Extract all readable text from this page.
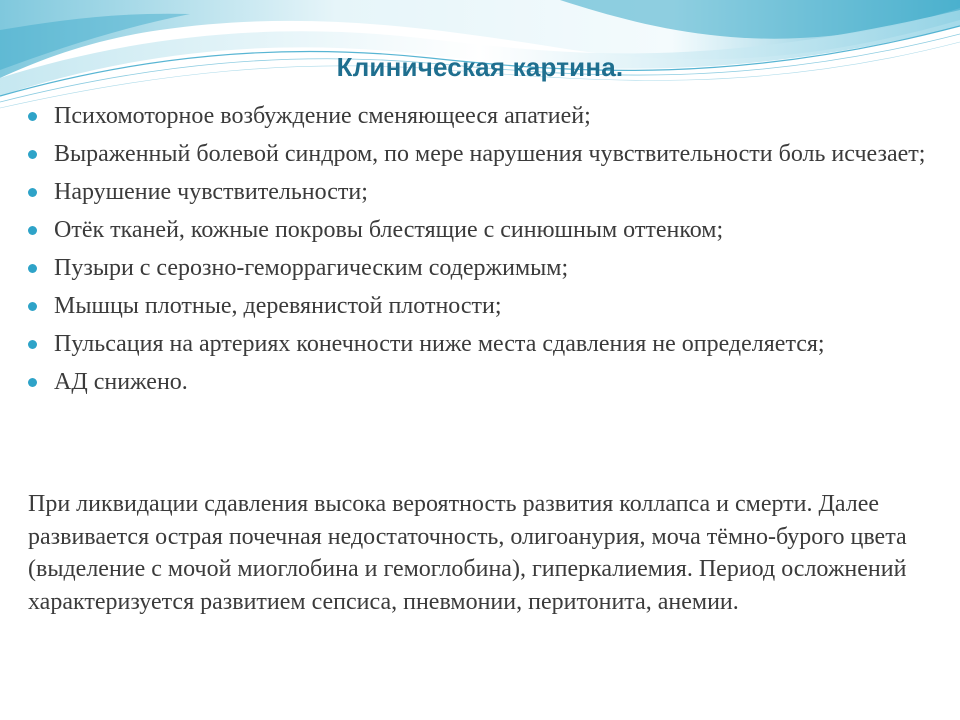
Клиническая картина.
Психомоторное возбуждение сменяющееся апатией;
Выраженный болевой синдром, по мере нарушения чувствительности боль исчезает;
Нарушение чувствительности;
Отёк тканей, кожные покровы блестящие с синюшным оттенком;
Пузыри с серозно-геморрагическим содержимым;
Мышцы плотные, деревянистой плотности;
Пульсация на артериях конечности ниже места сдавления не определяется;
АД снижено.

При ликвидации сдавления высока вероятность развития коллапса и смерти. Далее развивается острая почечная недостаточность, олигоанурия, моча тёмно-бурого цвета (выделение с мочой миоглобина и гемоглобина), гиперкалиемия. Период осложнений характеризуется развитием сепсиса, пневмонии, перитонита, анемии.
